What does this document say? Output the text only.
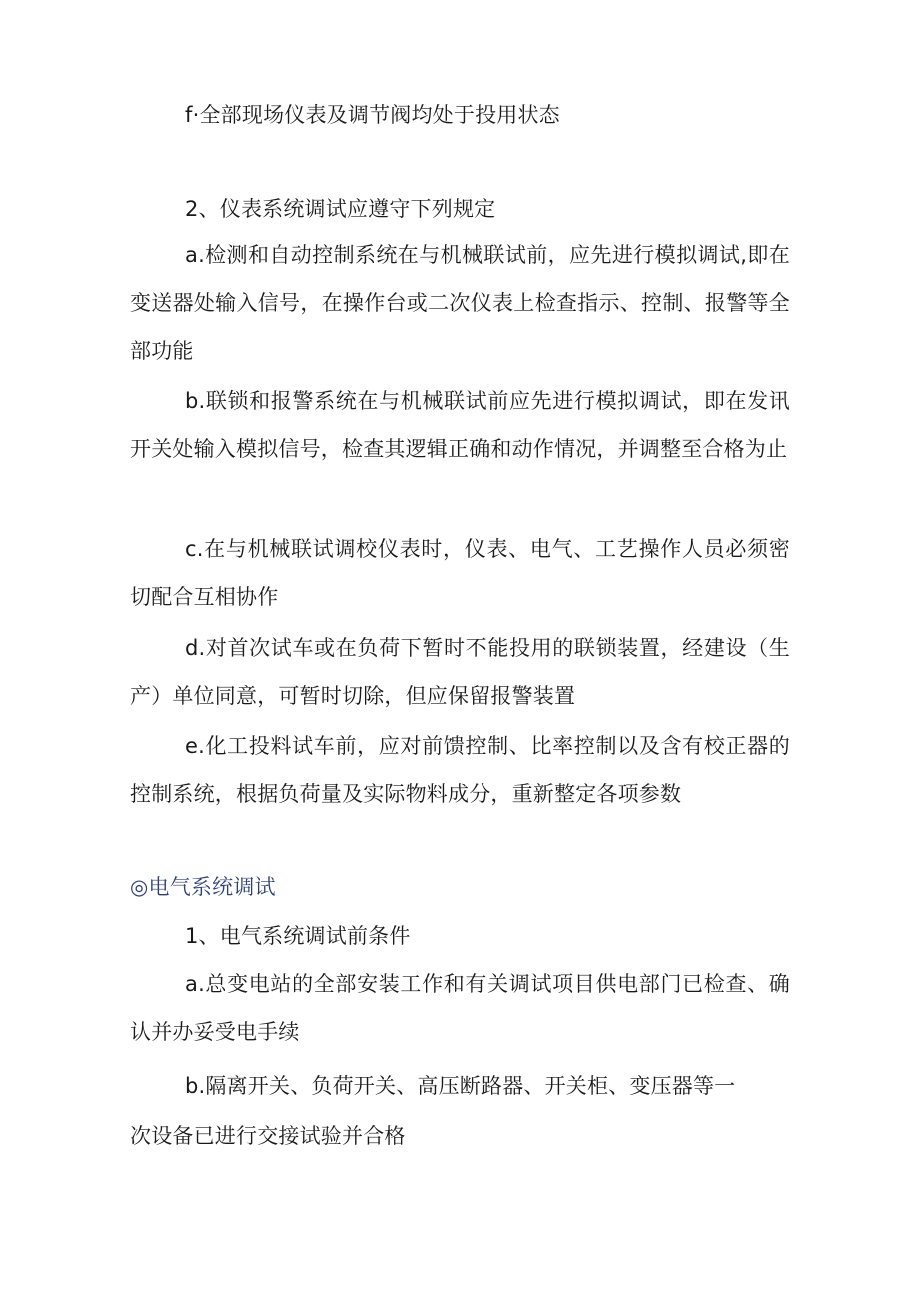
f·全部现场仪表及调节阀均处于投用状态
2、仪表系统调试应遵守下列规定
a.检测和自动控制系统在与机械联试前，应先进行模拟调试,即在变送器处输入信号，在操作台或二次仪表上检查指示、控制、报警等全部功能
b.联锁和报警系统在与机械联试前应先进行模拟调试，即在发讯开关处输入模拟信号，检查其逻辑正确和动作情况，并调整至合格为止
c.在与机械联试调校仪表时，仪表、电气、工艺操作人员必须密切配合互相协作
d.对首次试车或在负荷下暂时不能投用的联锁装置，经建设（生产）单位同意，可暂时切除，但应保留报警装置
e.化工投料试车前，应对前馈控制、比率控制以及含有校正器的控制系统，根据负荷量及实际物料成分，重新整定各项参数
◎电气系统调试
1、电气系统调试前条件
a.总变电站的全部安装工作和有关调试项目供电部门已检查、确认并办妥受电手续
b.隔离开关、负荷开关、高压断路器、开关柜、变压器等一
次设备已进行交接试验并合格
